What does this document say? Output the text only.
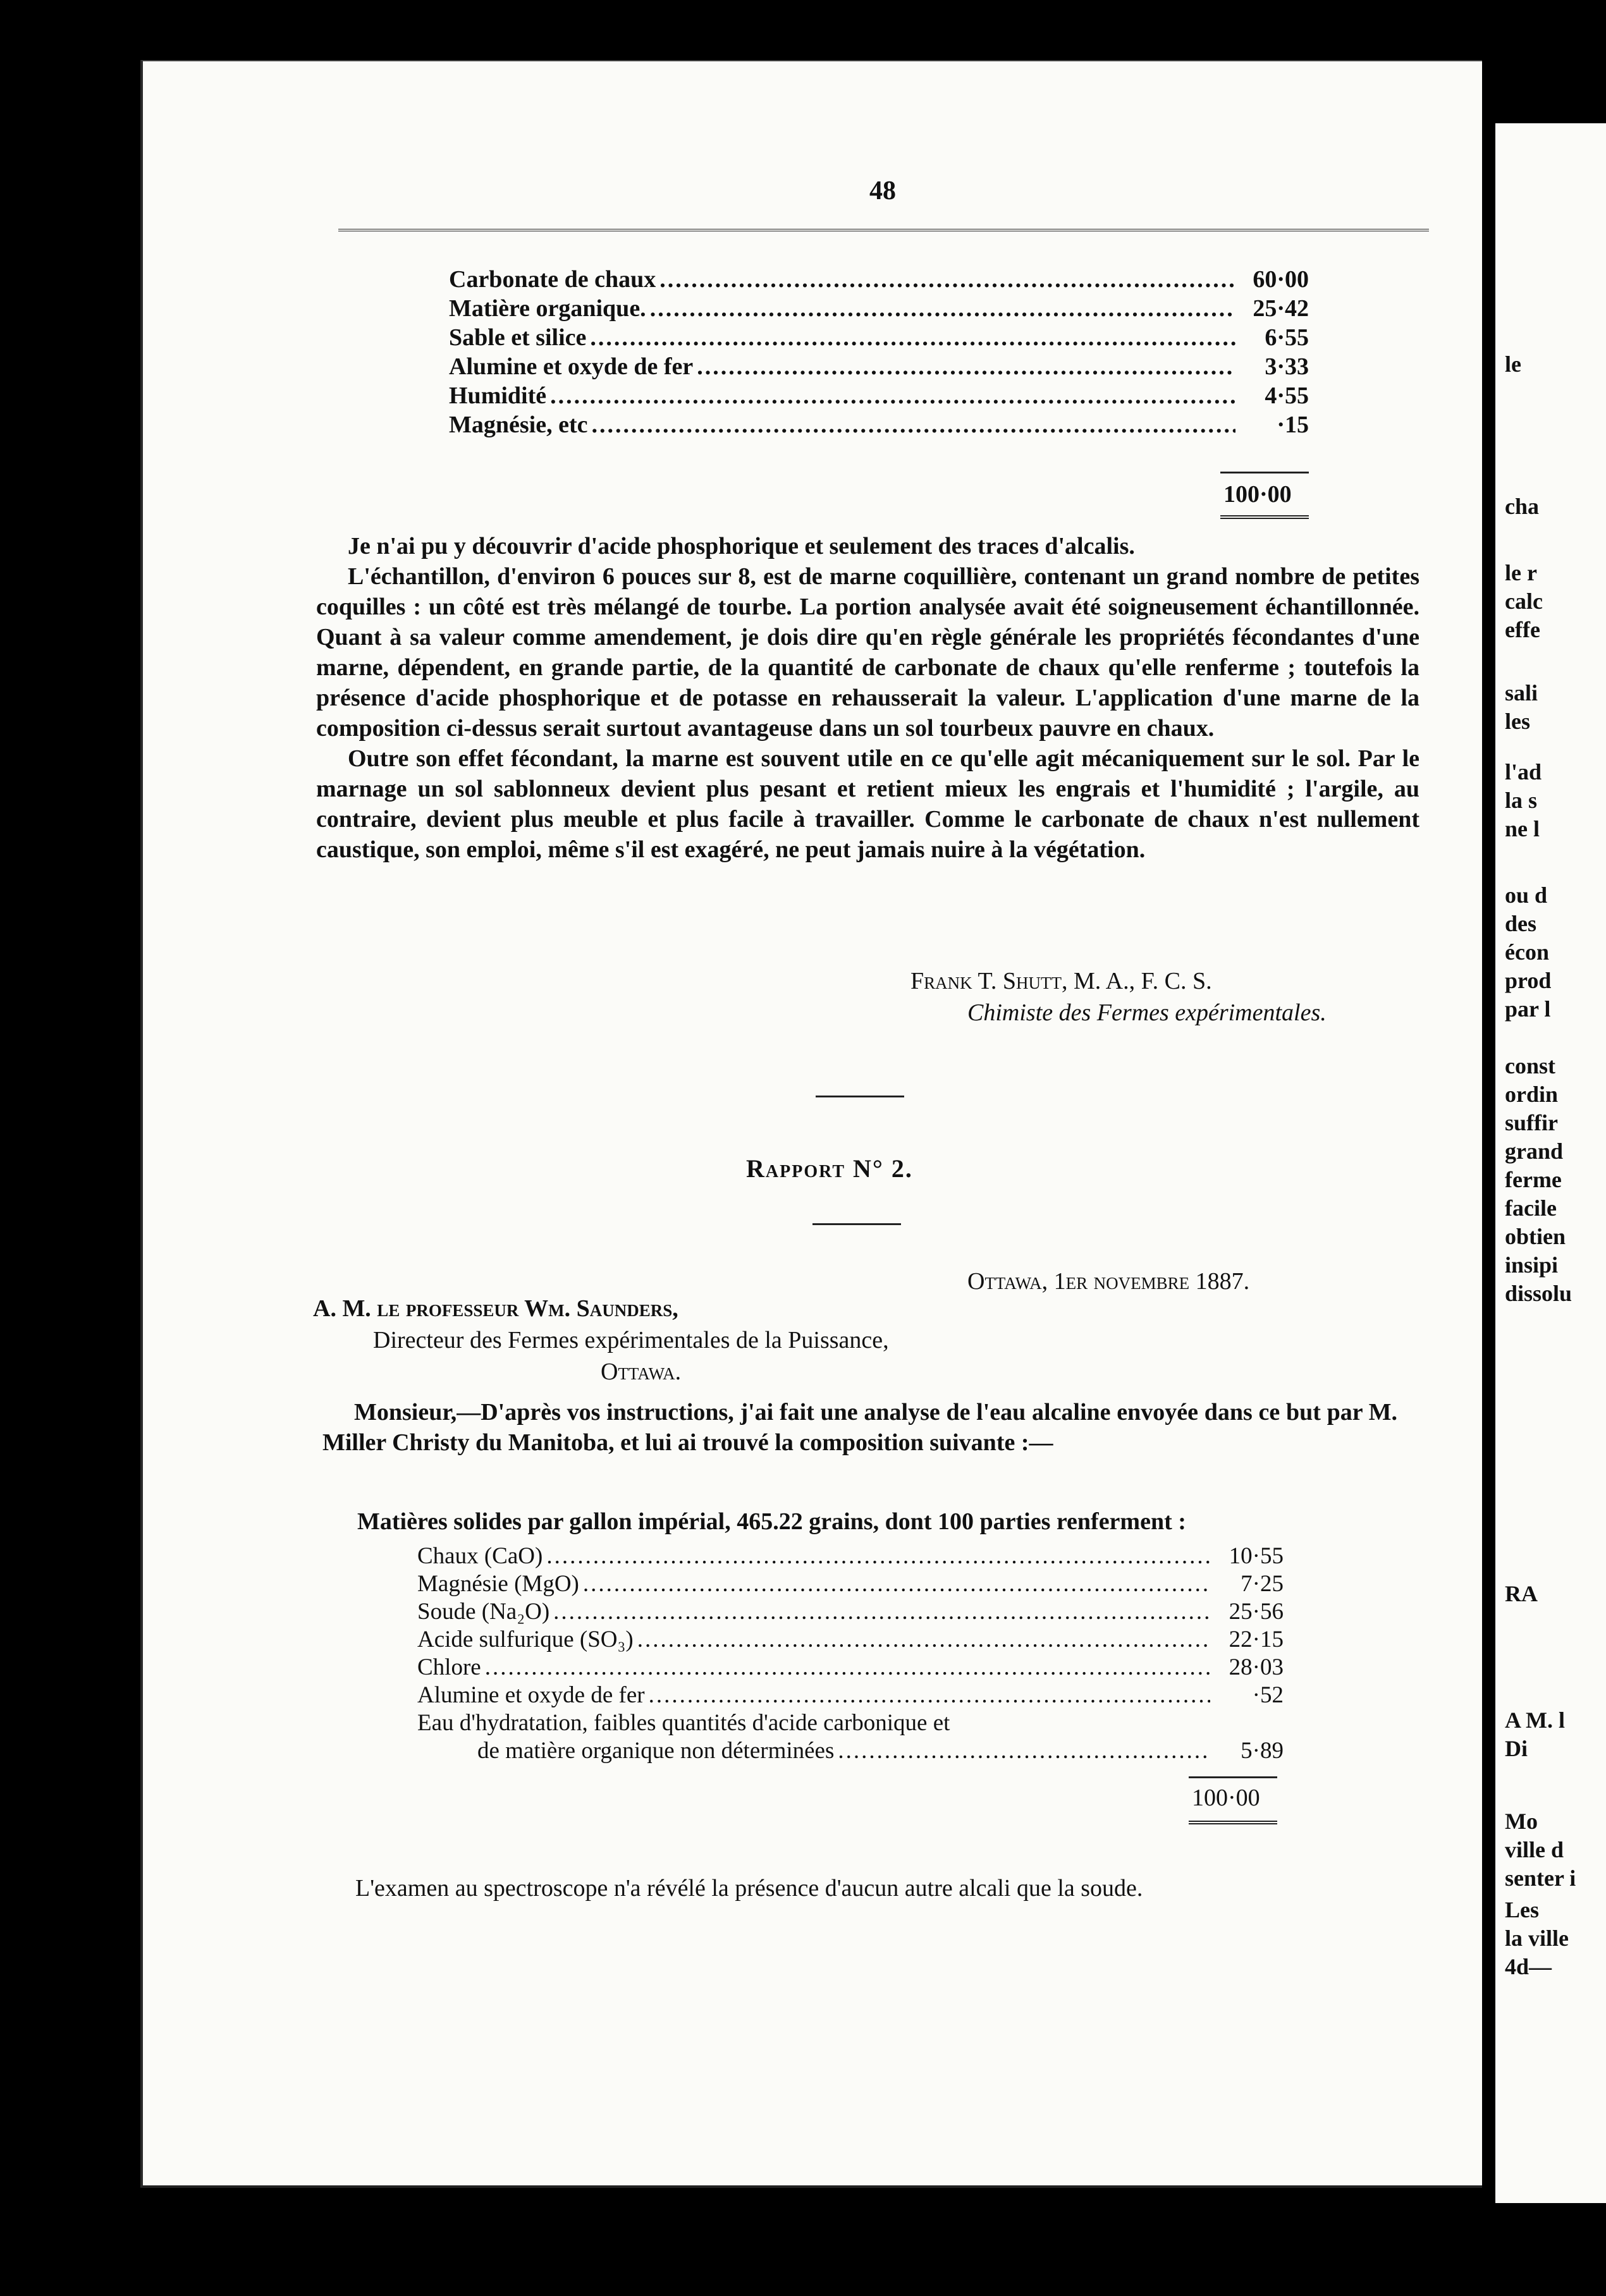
48
Carbonate de chaux .....	60·00
Matière organique. .....	25·42
Sable et silice .....	6·55
Alumine et oxyde de fer .....	3·33
Humidité .....	4·55
Magnésie, etc .....	·15
100·00

Je n'ai pu y découvrir d'acide phosphorique et seulement des traces d'alcalis.

L'échantillon, d'environ 6 pouces sur 8, est de marne coquillière, contenant un grand nombre de petites coquilles : un côté est très mélangé de tourbe. La portion analysée avait été soigneusement échantillonnée. Quant à sa valeur comme amendement, je dois dire qu'en règle générale les propriétés fécondantes d'une marne, dépendent, en grande partie, de la quantité de carbonate de chaux qu'elle renferme ; toutefois la présence d'acide phosphorique et de potasse en rehausserait la valeur. L'application d'une marne de la composition ci-dessus serait surtout avantageuse dans un sol tourbeux pauvre en chaux.

Outre son effet fécondant, la marne est souvent utile en ce qu'elle agit mécaniquement sur le sol. Par le marnage un sol sablonneux devient plus pesant et retient mieux les engrais et l'humidité ; l'argile, au contraire, devient plus meuble et plus facile à travailler. Comme le carbonate de chaux n'est nullement caustique, son emploi, même s'il est exagéré, ne peut jamais nuire à la végétation.

Frank T. Shutt, M. A., F. C. S.
Chimiste des Fermes expérimentales.
Rapport N° 2.
Ottawa, 1er novembre 1887.
A. M. le professeur Wm. Saunders,
Directeur des Fermes expérimentales de la Puissance,
Ottawa.

Monsieur,—D'après vos instructions, j'ai fait une analyse de l'eau alcaline envoyée dans ce but par M. Miller Christy du Manitoba, et lui ai trouvé la composition suivante :—

Matières solides par gallon impérial, 465.22 grains, dont 100 parties renferment :
Chaux (CaO) .....	10·55
Magnésie (MgO) .....	7·25
Soude (Na₂O) .....	25·56
Acide sulfurique (SO₃) .....	22·15
Chlore .....	28·03
Alumine et oxyde de fer .....	·52
Eau d'hydratation, faibles quantités d'acide carbonique et
de matière organique non déterminées .....	5·89
100·00
L'examen au spectroscope n'a révélé la présence d'aucun autre alcali que la soude.
le
cha
le r
calc
effe
sali
les
l'ad
la s
ne l
ou d
des
écon
prod
par l
const
ordin
suffir
grand
ferme
facile
obtien
insipi
dissolu
RA
A M. l
Di
Mo
ville d
senter i
Les
la ville
4d—
